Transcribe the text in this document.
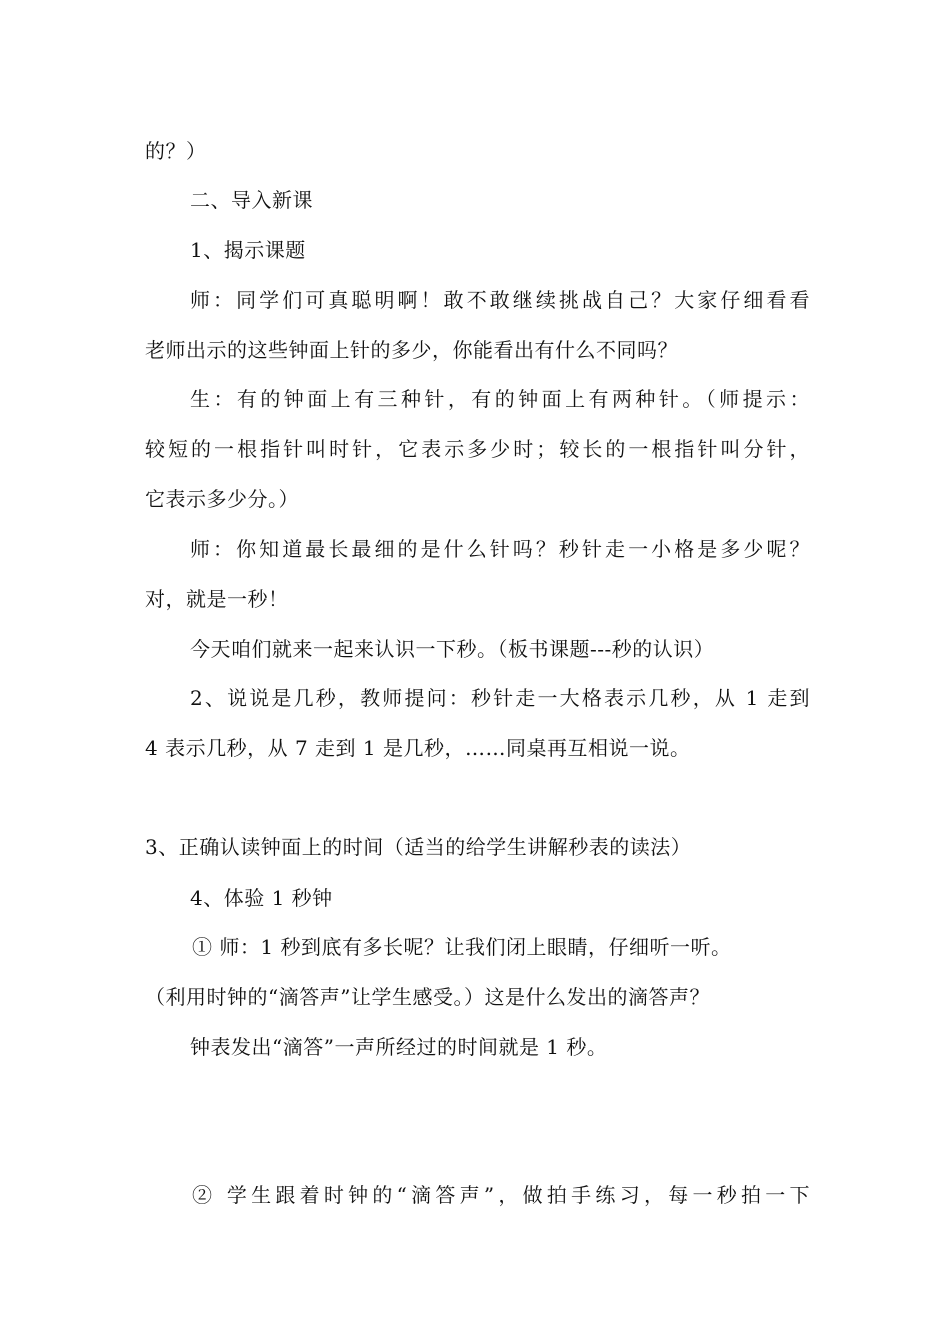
的？）
二、导入新课
1、揭示课题
师：同学们可真聪明啊！敢不敢继续挑战自己？大家仔细看看
老师出示的这些钟面上针的多少，你能看出有什么不同吗？
生：有的钟面上有三种针，有的钟面上有两种针。（师提示：
较短的一根指针叫时针，它表示多少时；较长的一根指针叫分针，
它表示多少分。）
师：你知道最长最细的是什么针吗？秒针走一小格是多少呢？
对，就是一秒！
今天咱们就来一起来认识一下秒。（板书课题---秒的认识）
2、说说是几秒，教师提问：秒针走一大格表示几秒，从 1 走到
4 表示几秒，从 7 走到 1 是几秒，……同桌再互相说一说。
3、正确认读钟面上的时间（适当的给学生讲解秒表的读法）
4、体验 1 秒钟
① 师：1 秒到底有多长呢？让我们闭上眼睛，仔细听一听。
（利用时钟的“滴答声”让学生感受。）这是什么发出的滴答声？
钟表发出“滴答”一声所经过的时间就是 1 秒。
② 学生跟着时钟的“滴答声”，做拍手练习，每一秒拍一下
